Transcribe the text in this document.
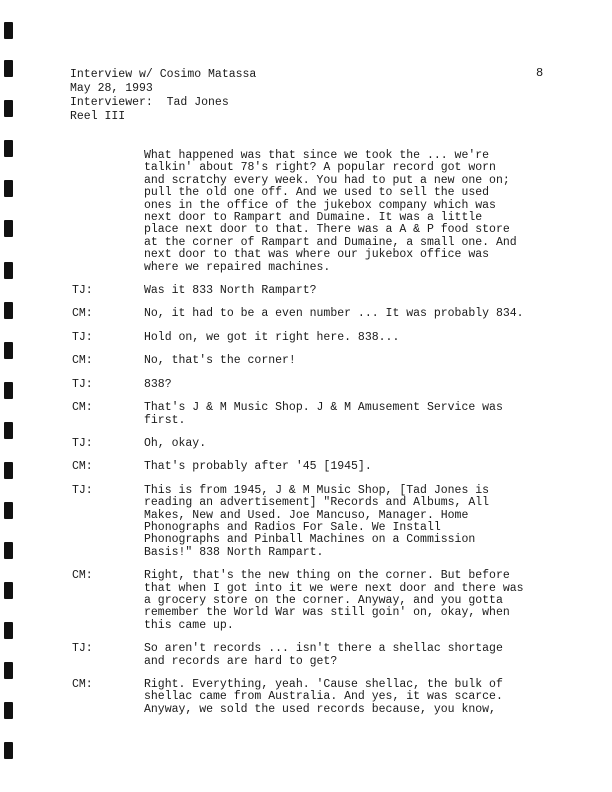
Interview w/ Cosimo Matassa
May 28, 1993
Interviewer:  Tad Jones
Reel III
8
What happened was that since we took the ... we're
talkin' about 78's right? A popular record got worn
and scratchy every week. You had to put a new one on;
pull the old one off. And we used to sell the used
ones in the office of the jukebox company which was
next door to Rampart and Dumaine. It was a little
place next door to that. There was a A & P food store
at the corner of Rampart and Dumaine, a small one. And
next door to that was where our jukebox office was
where we repaired machines.
TJ:	Was it 833 North Rampart?
CM:	No, it had to be a even number ... It was probably 834.
TJ:	Hold on, we got it right here. 838...
CM:	No, that's the corner!
TJ:	838?
CM:	That's J & M Music Shop. J & M Amusement Service was
first.
TJ:	Oh, okay.
CM:	That's probably after '45 [1945].
TJ:	This is from 1945, J & M Music Shop, [Tad Jones is
reading an advertisement] "Records and Albums, All
Makes, New and Used. Joe Mancuso, Manager. Home
Phonographs and Radios For Sale. We Install
Phonographs and Pinball Machines on a Commission
Basis!" 838 North Rampart.
CM:	Right, that's the new thing on the corner. But before
that when I got into it we were next door and there was
a grocery store on the corner. Anyway, and you gotta
remember the World War was still goin' on, okay, when
this came up.
TJ:	So aren't records ... isn't there a shellac shortage
and records are hard to get?
CM:	Right. Everything, yeah. 'Cause shellac, the bulk of
shellac came from Australia. And yes, it was scarce.
Anyway, we sold the used records because, you know,
